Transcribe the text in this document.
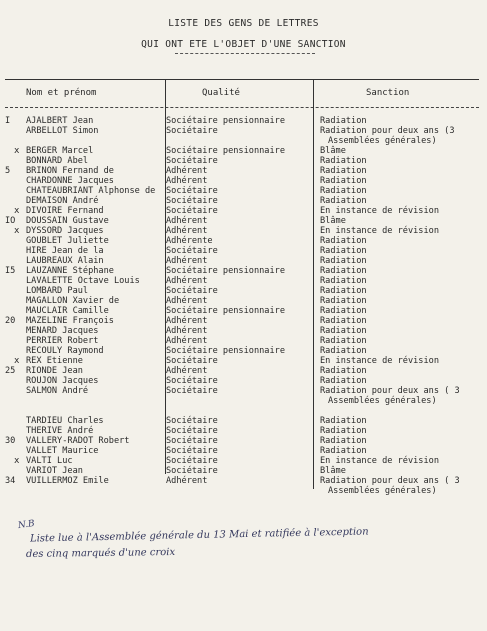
LISTE DES GENS DE LETTRES
QUI ONT ETE L'OBJET D'UNE SANCTION
Nom et prénom	Qualité	Sanction
I AJALBERT Jean	Sociétaire pensionnaire	Radiation
ARBELLOT Simon	Sociétaire	Radiation pour deux ans (3
Assemblées générales)
x BERGER Marcel	Sociétaire pensionnaire	Blâme
BONNARD Abel	Sociétaire	Radiation
5 BRINON Fernand de	Adhérent	Radiation
CHARDONNE Jacques	Adhérent	Radiation
CHATEAUBRIANT Alphonse de Sociétaire	Radiation
DEMAISON André	Sociétaire	Radiation
x DIVOIRE Fernand	Sociétaire	En instance de révision
IO DOUSSAIN Gustave	Adhérent	Blâme
x DYSSORD Jacques	Adhérent	En instance de révision
GOUBLET Juliette	Adhérente	Radiation
HIRE Jean de la	Sociétaire	Radiation
LAUBREAUX Alain	Adhérent	Radiation
I5 LAUZANNE Stéphane	Sociétaire pensionnaire	Radiation
LAVALETTE Octave Louis	Adhérent	Radiation
LOMBARD Paul	Sociétaire	Radiation
MAGALLON Xavier de	Adhérent	Radiation
MAUCLAIR Camille	Sociétaire pensionnaire	Radiation
20 MAZELINE François	Adhérent	Radiation
MENARD Jacques	Adhérent	Radiation
PERRIER Robert	Adhérent	Radiation
RECOULY Raymond	Sociétaire pensionnaire	Radiation
x REX Etienne	Sociétaire	En instance de révision
25 RIONDE Jean	Adhérent	Radiation
ROUJON Jacques	Sociétaire	Radiation
SALMON André	Sociétaire	Radiation pour deux ans ( 3
Assemblées générales)
TARDIEU Charles	Sociétaire	Radiation
THERIVE André	Sociétaire	Radiation
30 VALLERY-RADOT Robert	Sociétaire	Radiation
VALLET Maurice	Sociétaire	Radiation
x VALTI Luc	Sociétaire	En instance de révision
VARIOT Jean	Sociétaire	Blâme
34 VUILLERMOZ Emile	Adhérent	Radiation pour deux ans ( 3
Assemblées générales)
N.B
Liste lue à l'Assemblée générale du 13 Mai et ratifiée à l'exception
des cinq marqués d'une croix
